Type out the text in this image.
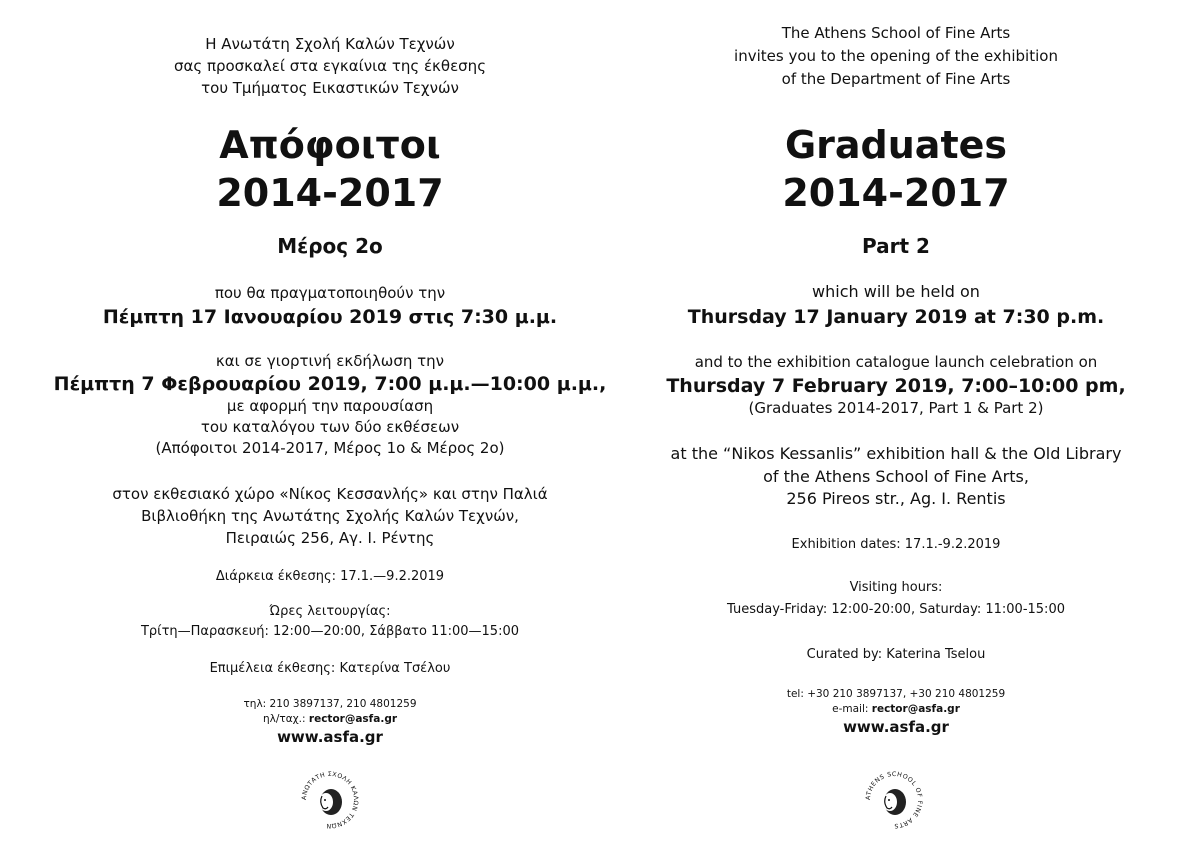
Η Ανωτάτη Σχολή Καλών Τεχνών
σας προσκαλεί στα εγκαίνια της έκθεσης
του Τμήματος Εικαστικών Τεχνών
Απόφοιτοι
2014-2017
Μέρος 2ο
που θα πραγματοποιηθούν την
Πέμπτη 17 Ιανουαρίου 2019 στις 7:30 μ.μ.
και σε γιορτινή εκδήλωση την
Πέμπτη 7 Φεβρουαρίου 2019, 7:00 μ.μ.—10:00 μ.μ.,
με αφορμή την παρουσίαση
του καταλόγου των δύο εκθέσεων
(Απόφοιτοι 2014-2017, Μέρος 1ο & Μέρος 2ο)
στον εκθεσιακό χώρο «Νίκος Κεσσανλής» και στην Παλιά
Βιβλιοθήκη της Ανωτάτης Σχολής Καλών Τεχνών,
Πειραιώς 256, Αγ. Ι. Ρέντης
Διάρκεια έκθεσης: 17.1.—9.2.2019
Ώρες λειτουργίας:
Τρίτη—Παρασκευή: 12:00—20:00, Σάββατο 11:00—15:00
Επιμέλεια έκθεσης: Κατερίνα Τσέλου
τηλ: 210 3897137, 210 4801259
ηλ/ταχ.: rector@asfa.gr
www.asfa.gr
ΑΝΩΤΑΤΗ ΣΧΟΛΗ ΚΑΛΩΝ ΤΕΧΝΩΝ
The Athens School of Fine Arts
invites you to the opening of the exhibition
of the Department of Fine Arts
Graduates
2014-2017
Part 2
which will be held on
Thursday 17 January 2019 at 7:30 p.m.
and to the exhibition catalogue launch celebration on
Thursday 7 February 2019, 7:00–10:00 pm,
(Graduates 2014-2017, Part 1 & Part 2)
at the “Nikos Kessanlis” exhibition hall & the Old Library
of the Athens School of Fine Arts,
256 Pireos str., Ag. I. Rentis
Exhibition dates: 17.1.-9.2.2019
Visiting hours:
Tuesday-Friday: 12:00-20:00, Saturday: 11:00-15:00
Curated by: Katerina Tselou
tel: +30 210 3897137, +30 210 4801259
e-mail: rector@asfa.gr
www.asfa.gr
ATHENS SCHOOL OF FINE ARTS
